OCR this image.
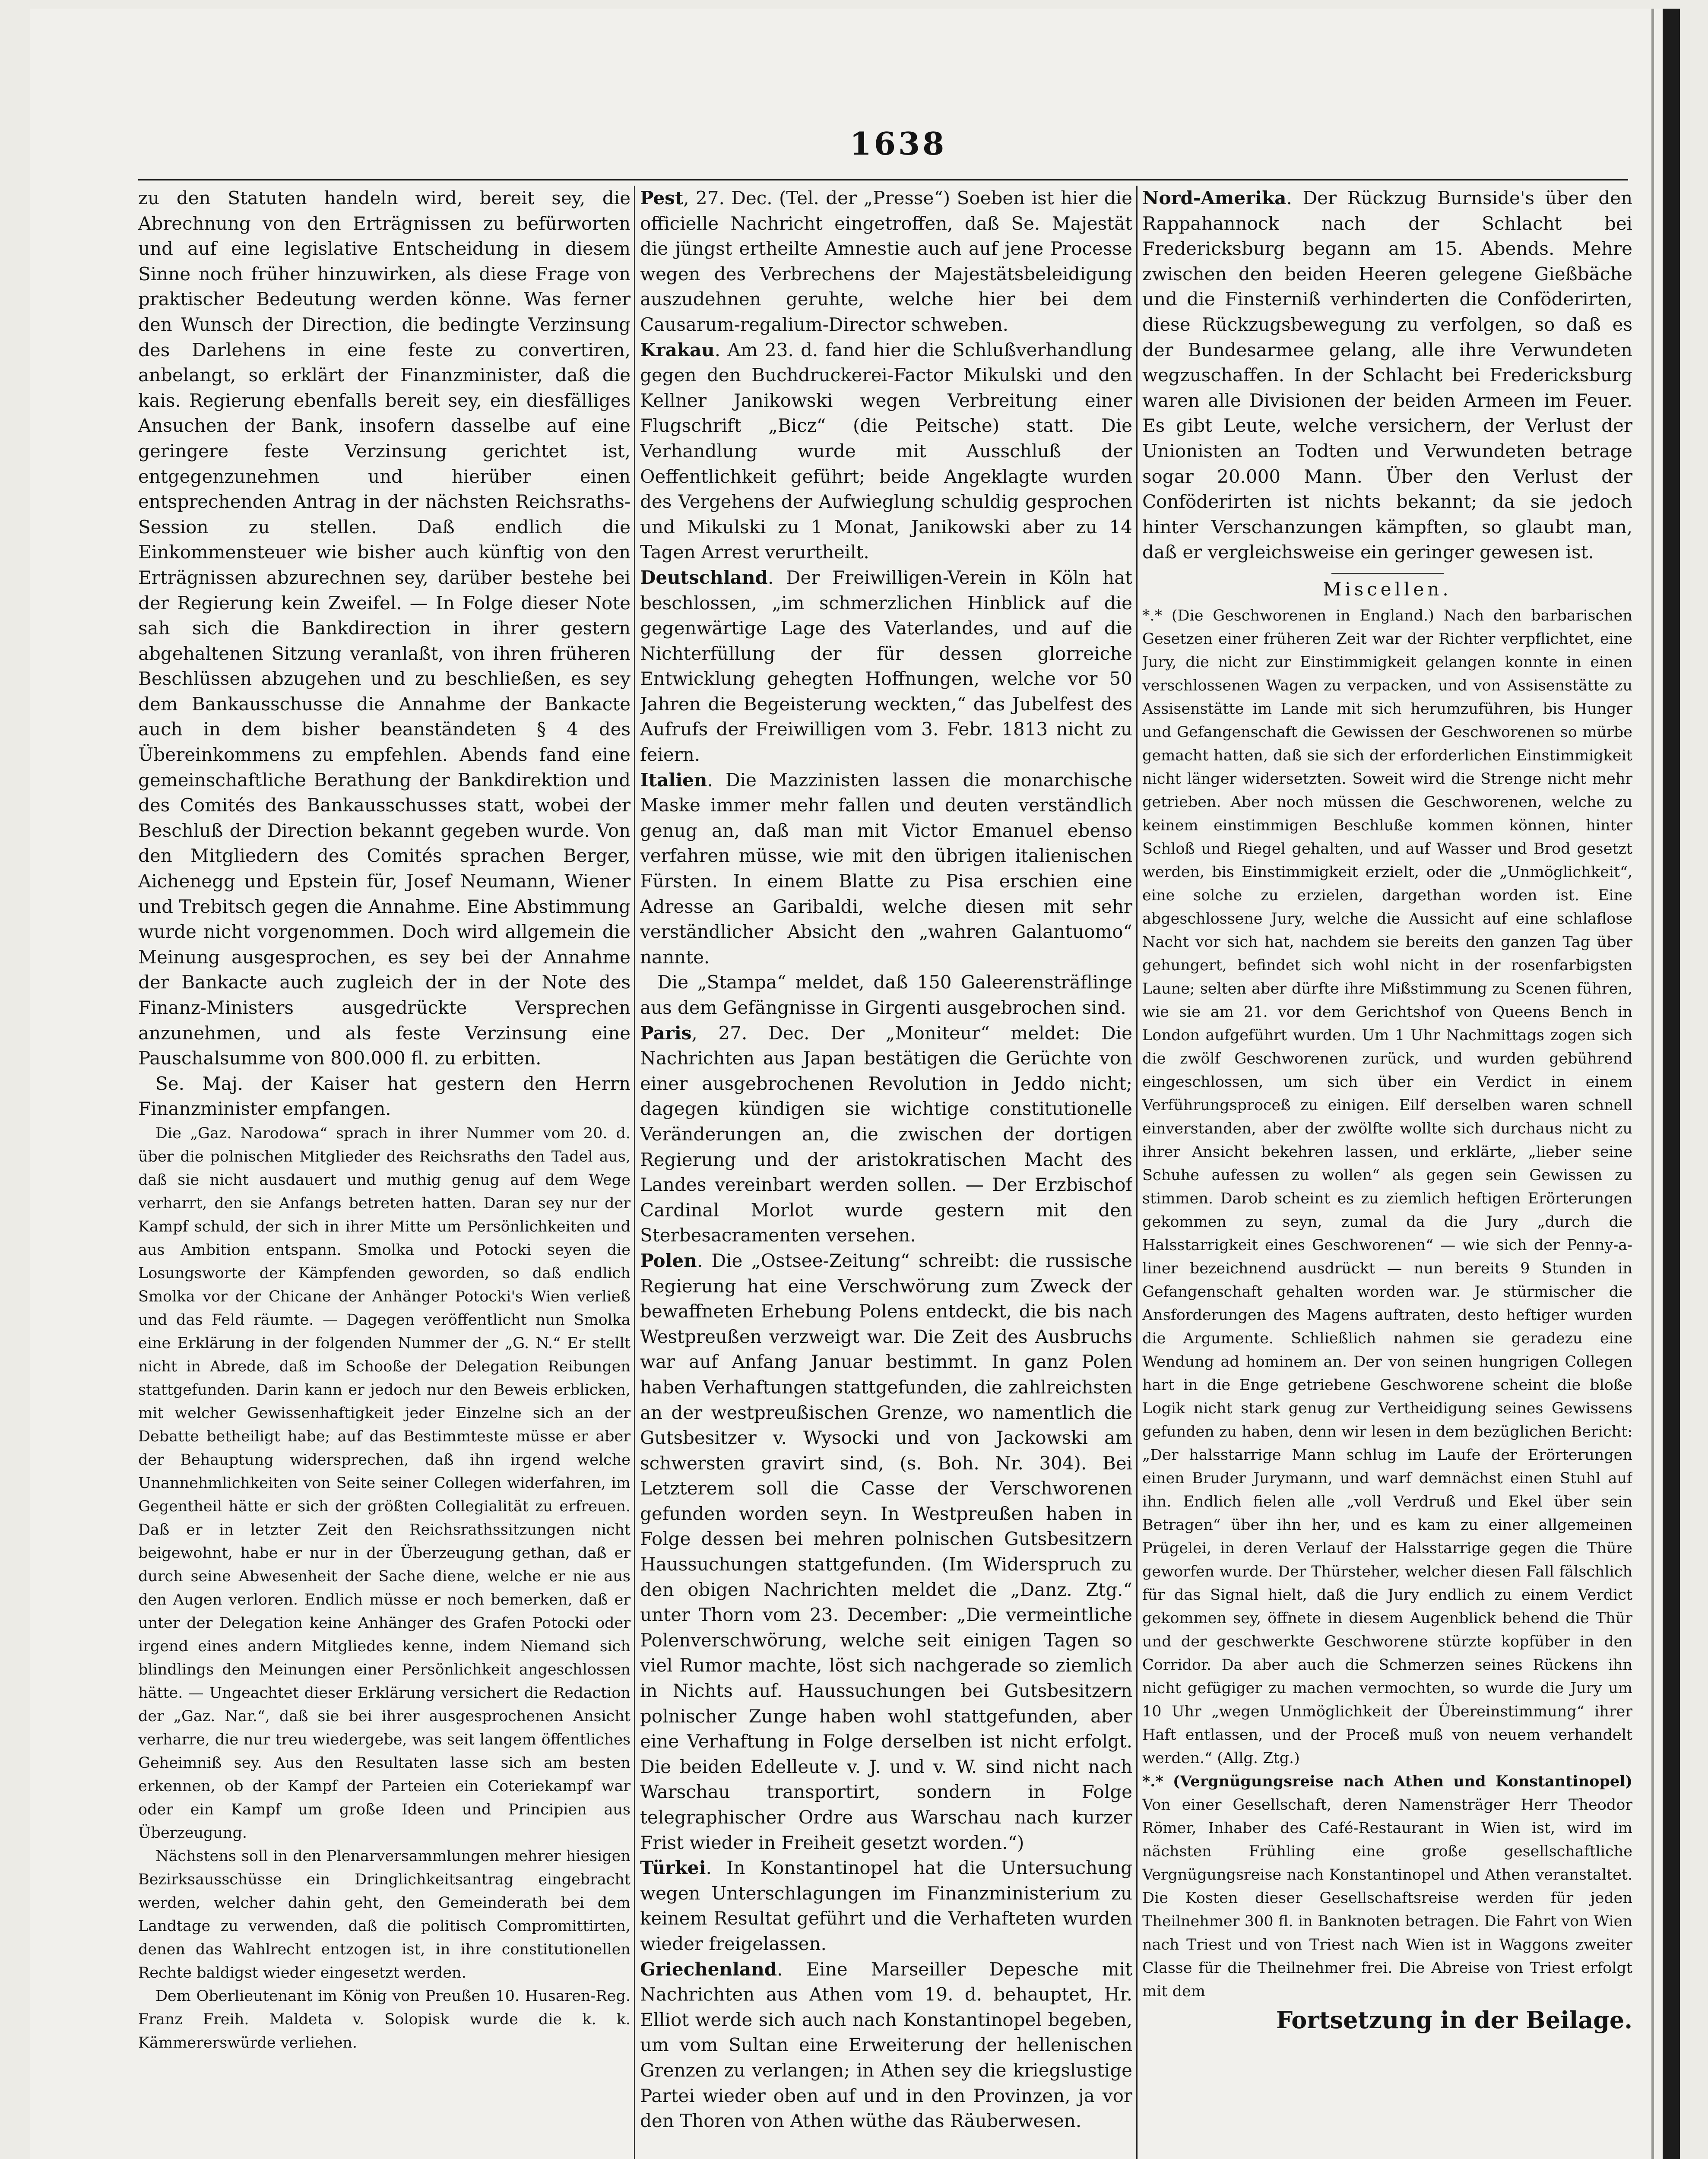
1638

zu den Statuten handeln wird, bereit sey, die Abrechnung von den Erträgnissen zu befürworten und auf eine legislative Entscheidung in diesem Sinne noch früher hinzuwirken, als diese Frage von praktischer Bedeutung werden könne. Was ferner den Wunsch der Direction, die bedingte Verzinsung des Darlehens in eine feste zu convertiren, anbelangt, so erklärt der Finanzminister, daß die kais. Regierung ebenfalls bereit sey, ein diesfälliges Ansuchen der Bank, insofern dasselbe auf eine geringere feste Verzinsung gerichtet ist, entgegenzunehmen und hierüber einen entsprechenden Antrag in der nächsten Reichsraths-Session zu stellen. Daß endlich die Einkommensteuer wie bisher auch künftig von den Erträgnissen abzurechnen sey, darüber bestehe bei der Regierung kein Zweifel. — In Folge dieser Note sah sich die Bankdirection in ihrer gestern abgehaltenen Sitzung veranlaßt, von ihren früheren Beschlüssen abzugehen und zu beschließen, es sey dem Bankausschusse die Annahme der Bankacte auch in dem bisher beanständeten § 4 des Übereinkommens zu empfehlen. Abends fand eine gemeinschaftliche Berathung der Bankdirektion und des Comités des Bankausschusses statt, wobei der Beschluß der Direction bekannt gegeben wurde. Von den Mitgliedern des Comités sprachen Berger, Aichenegg und Epstein für, Josef Neumann, Wiener und Trebitsch gegen die Annahme. Eine Abstimmung wurde nicht vorgenommen. Doch wird allgemein die Meinung ausgesprochen, es sey bei der Annahme der Bankacte auch zugleich der in der Note des Finanz-Ministers ausgedrückte Versprechen anzunehmen, und als feste Verzinsung eine Pauschalsumme von 800.000 fl. zu erbitten.

Se. Maj. der Kaiser hat gestern den Herrn Finanzminister empfangen.

Die „Gaz. Narodowa“ sprach in ihrer Nummer vom 20. d. über die polnischen Mitglieder des Reichsraths den Tadel aus, daß sie nicht ausdauert und muthig genug auf dem Wege verharrt, den sie Anfangs betreten hatten. Daran sey nur der Kampf schuld, der sich in ihrer Mitte um Persönlichkeiten und aus Ambition entspann. Smolka und Potocki seyen die Losungsworte der Kämpfenden geworden, so daß endlich Smolka vor der Chicane der Anhänger Potocki's Wien verließ und das Feld räumte. — Dagegen veröffentlicht nun Smolka eine Erklärung in der folgenden Nummer der „G. N.“ Er stellt nicht in Abrede, daß im Schooße der Delegation Reibungen stattgefunden. Darin kann er jedoch nur den Beweis erblicken, mit welcher Gewissenhaftigkeit jeder Einzelne sich an der Debatte betheiligt habe; auf das Bestimmteste müsse er aber der Behauptung widersprechen, daß ihn irgend welche Unannehmlichkeiten von Seite seiner Collegen widerfahren, im Gegentheil hätte er sich der größten Collegialität zu erfreuen. Daß er in letzter Zeit den Reichsrathssitzungen nicht beigewohnt, habe er nur in der Überzeugung gethan, daß er durch seine Abwesenheit der Sache diene, welche er nie aus den Augen verloren. Endlich müsse er noch bemerken, daß er unter der Delegation keine Anhänger des Grafen Potocki oder irgend eines andern Mitgliedes kenne, indem Niemand sich blindlings den Meinungen einer Persönlichkeit angeschlossen hätte. — Ungeachtet dieser Erklärung versichert die Redaction der „Gaz. Nar.“, daß sie bei ihrer ausgesprochenen Ansicht verharre, die nur treu wiedergebe, was seit langem öffentliches Geheimniß sey. Aus den Resultaten lasse sich am besten erkennen, ob der Kampf der Parteien ein Coteriekampf war oder ein Kampf um große Ideen und Principien aus Überzeugung.

Nächstens soll in den Plenarversammlungen mehrer hiesigen Bezirksausschüsse ein Dringlichkeitsantrag eingebracht werden, welcher dahin geht, den Gemeinderath bei dem Landtage zu verwenden, daß die politisch Compromittirten, denen das Wahlrecht entzogen ist, in ihre constitutionellen Rechte baldigst wieder eingesetzt werden.

Dem Oberlieutenant im König von Preußen 10. Husaren-Reg. Franz Freih. Maldeta v. Solopisk wurde die k. k. Kämmererswürde verliehen.

Pest, 27. Dec. (Tel. der „Presse“) Soeben ist hier die officielle Nachricht eingetroffen, daß Se. Majestät die jüngst ertheilte Amnestie auch auf jene Processe wegen des Verbrechens der Majestätsbeleidigung auszudehnen geruhte, welche hier bei dem Causarum-regalium-Director schweben.

Krakau. Am 23. d. fand hier die Schlußverhandlung gegen den Buchdruckerei-Factor Mikulski und den Kellner Janikowski wegen Verbreitung einer Flugschrift „Bicz“ (die Peitsche) statt. Die Verhandlung wurde mit Ausschluß der Oeffentlichkeit geführt; beide Angeklagte wurden des Vergehens der Aufwieglung schuldig gesprochen und Mikulski zu 1 Monat, Janikowski aber zu 14 Tagen Arrest verurtheilt.

Deutschland. Der Freiwilligen-Verein in Köln hat beschlossen, „im schmerzlichen Hinblick auf die gegenwärtige Lage des Vaterlandes, und auf die Nichterfüllung der für dessen glorreiche Entwicklung gehegten Hoffnungen, welche vor 50 Jahren die Begeisterung weckten,“ das Jubelfest des Aufrufs der Freiwilligen vom 3. Febr. 1813 nicht zu feiern.

Italien. Die Mazzinisten lassen die monarchische Maske immer mehr fallen und deuten verständlich genug an, daß man mit Victor Emanuel ebenso verfahren müsse, wie mit den übrigen italienischen Fürsten. In einem Blatte zu Pisa erschien eine Adresse an Garibaldi, welche diesen mit sehr verständlicher Absicht den „wahren Galantuomo“ nannte.

Die „Stampa“ meldet, daß 150 Galeerensträflinge aus dem Gefängnisse in Girgenti ausgebrochen sind.

Paris, 27. Dec. Der „Moniteur“ meldet: Die Nachrichten aus Japan bestätigen die Gerüchte von einer ausgebrochenen Revolution in Jeddo nicht; dagegen kündigen sie wichtige constitutionelle Veränderungen an, die zwischen der dortigen Regierung und der aristokratischen Macht des Landes vereinbart werden sollen. — Der Erzbischof Cardinal Morlot wurde gestern mit den Sterbesacramenten versehen.

Polen. Die „Ostsee-Zeitung“ schreibt: die russische Regierung hat eine Verschwörung zum Zweck der bewaffneten Erhebung Polens entdeckt, die bis nach Westpreußen verzweigt war. Die Zeit des Ausbruchs war auf Anfang Januar bestimmt. In ganz Polen haben Verhaftungen stattgefunden, die zahlreichsten an der westpreußischen Grenze, wo namentlich die Gutsbesitzer v. Wysocki und von Jackowski am schwersten gravirt sind, (s. Boh. Nr. 304). Bei Letzterem soll die Casse der Verschworenen gefunden worden seyn. In Westpreußen haben in Folge dessen bei mehren polnischen Gutsbesitzern Haussuchungen stattgefunden. (Im Widerspruch zu den obigen Nachrichten meldet die „Danz. Ztg.“ unter Thorn vom 23. December: „Die vermeintliche Polenverschwörung, welche seit einigen Tagen so viel Rumor machte, löst sich nachgerade so ziemlich in Nichts auf. Haussuchungen bei Gutsbesitzern polnischer Zunge haben wohl stattgefunden, aber eine Verhaftung in Folge derselben ist nicht erfolgt. Die beiden Edelleute v. J. und v. W. sind nicht nach Warschau transportirt, sondern in Folge telegraphischer Ordre aus Warschau nach kurzer Frist wieder in Freiheit gesetzt worden.“)

Türkei. In Konstantinopel hat die Untersuchung wegen Unterschlagungen im Finanzministerium zu keinem Resultat geführt und die Verhafteten wurden wieder freigelassen.

Griechenland. Eine Marseiller Depesche mit Nachrichten aus Athen vom 19. d. behauptet, Hr. Elliot werde sich auch nach Konstantinopel begeben, um vom Sultan eine Erweiterung der hellenischen Grenzen zu verlangen; in Athen sey die kriegslustige Partei wieder oben auf und in den Provinzen, ja vor den Thoren von Athen wüthe das Räuberwesen.

Nord-Amerika. Der Rückzug Burnside's über den Rappahannock nach der Schlacht bei Fredericksburg begann am 15. Abends. Mehre zwischen den beiden Heeren gelegene Gießbäche und die Finsterniß verhinderten die Conföderirten, diese Rückzugsbewegung zu verfolgen, so daß es der Bundesarmee gelang, alle ihre Verwundeten wegzuschaffen. In der Schlacht bei Fredericksburg waren alle Divisionen der beiden Armeen im Feuer. Es gibt Leute, welche versichern, der Verlust der Unionisten an Todten und Verwundeten betrage sogar 20.000 Mann. Über den Verlust der Conföderirten ist nichts bekannt; da sie jedoch hinter Verschanzungen kämpften, so glaubt man, daß er vergleichsweise ein geringer gewesen ist.

Miscellen.

*.* (Die Geschworenen in England.) Nach den barbarischen Gesetzen einer früheren Zeit war der Richter verpflichtet, eine Jury, die nicht zur Einstimmigkeit gelangen konnte in einen verschlossenen Wagen zu verpacken, und von Assisenstätte zu Assisenstätte im Lande mit sich herumzuführen, bis Hunger und Gefangenschaft die Gewissen der Geschworenen so mürbe gemacht hatten, daß sie sich der erforderlichen Einstimmigkeit nicht länger widersetzten. Soweit wird die Strenge nicht mehr getrieben. Aber noch müssen die Geschworenen, welche zu keinem einstimmigen Beschluße kommen können, hinter Schloß und Riegel gehalten, und auf Wasser und Brod gesetzt werden, bis Einstimmigkeit erzielt, oder die „Unmöglichkeit“, eine solche zu erzielen, dargethan worden ist. Eine abgeschlossene Jury, welche die Aussicht auf eine schlaflose Nacht vor sich hat, nachdem sie bereits den ganzen Tag über gehungert, befindet sich wohl nicht in der rosenfarbigsten Laune; selten aber dürfte ihre Mißstimmung zu Scenen führen, wie sie am 21. vor dem Gerichtshof von Queens Bench in London aufgeführt wurden. Um 1 Uhr Nachmittags zogen sich die zwölf Geschworenen zurück, und wurden gebührend eingeschlossen, um sich über ein Verdict in einem Verführungsproceß zu einigen. Eilf derselben waren schnell einverstanden, aber der zwölfte wollte sich durchaus nicht zu ihrer Ansicht bekehren lassen, und erklärte, „lieber seine Schuhe aufessen zu wollen“ als gegen sein Gewissen zu stimmen. Darob scheint es zu ziemlich heftigen Erörterungen gekommen zu seyn, zumal da die Jury „durch die Halsstarrigkeit eines Geschworenen“ — wie sich der Penny-a-liner bezeichnend ausdrückt — nun bereits 9 Stunden in Gefangenschaft gehalten worden war. Je stürmischer die Ansforderungen des Magens auftraten, desto heftiger wurden die Argumente. Schließlich nahmen sie geradezu eine Wendung ad hominem an. Der von seinen hungrigen Collegen hart in die Enge getriebene Geschworene scheint die bloße Logik nicht stark genug zur Vertheidigung seines Gewissens gefunden zu haben, denn wir lesen in dem bezüglichen Bericht: „Der halsstarrige Mann schlug im Laufe der Erörterungen einen Bruder Jurymann, und warf demnächst einen Stuhl auf ihn. Endlich fielen alle „voll Verdruß und Ekel über sein Betragen“ über ihn her, und es kam zu einer allgemeinen Prügelei, in deren Verlauf der Halsstarrige gegen die Thüre geworfen wurde. Der Thürsteher, welcher diesen Fall fälschlich für das Signal hielt, daß die Jury endlich zu einem Verdict gekommen sey, öffnete in diesem Augenblick behend die Thür und der geschwerkte Geschworene stürzte kopfüber in den Corridor. Da aber auch die Schmerzen seines Rückens ihn nicht gefügiger zu machen vermochten, so wurde die Jury um 10 Uhr „wegen Unmöglichkeit der Übereinstimmung“ ihrer Haft entlassen, und der Proceß muß von neuem verhandelt werden.“ (Allg. Ztg.)

*.* (Vergnügungsreise nach Athen und Konstantinopel) Von einer Gesellschaft, deren Namensträger Herr Theodor Römer, Inhaber des Café-Restaurant in Wien ist, wird im nächsten Frühling eine große gesellschaftliche Vergnügungsreise nach Konstantinopel und Athen veranstaltet. Die Kosten dieser Gesellschaftsreise werden für jeden Theilnehmer 300 fl. in Banknoten betragen. Die Fahrt von Wien nach Triest und von Triest nach Wien ist in Waggons zweiter Classe für die Theilnehmer frei. Die Abreise von Triest erfolgt mit dem

Fortsetzung in der Beilage.
